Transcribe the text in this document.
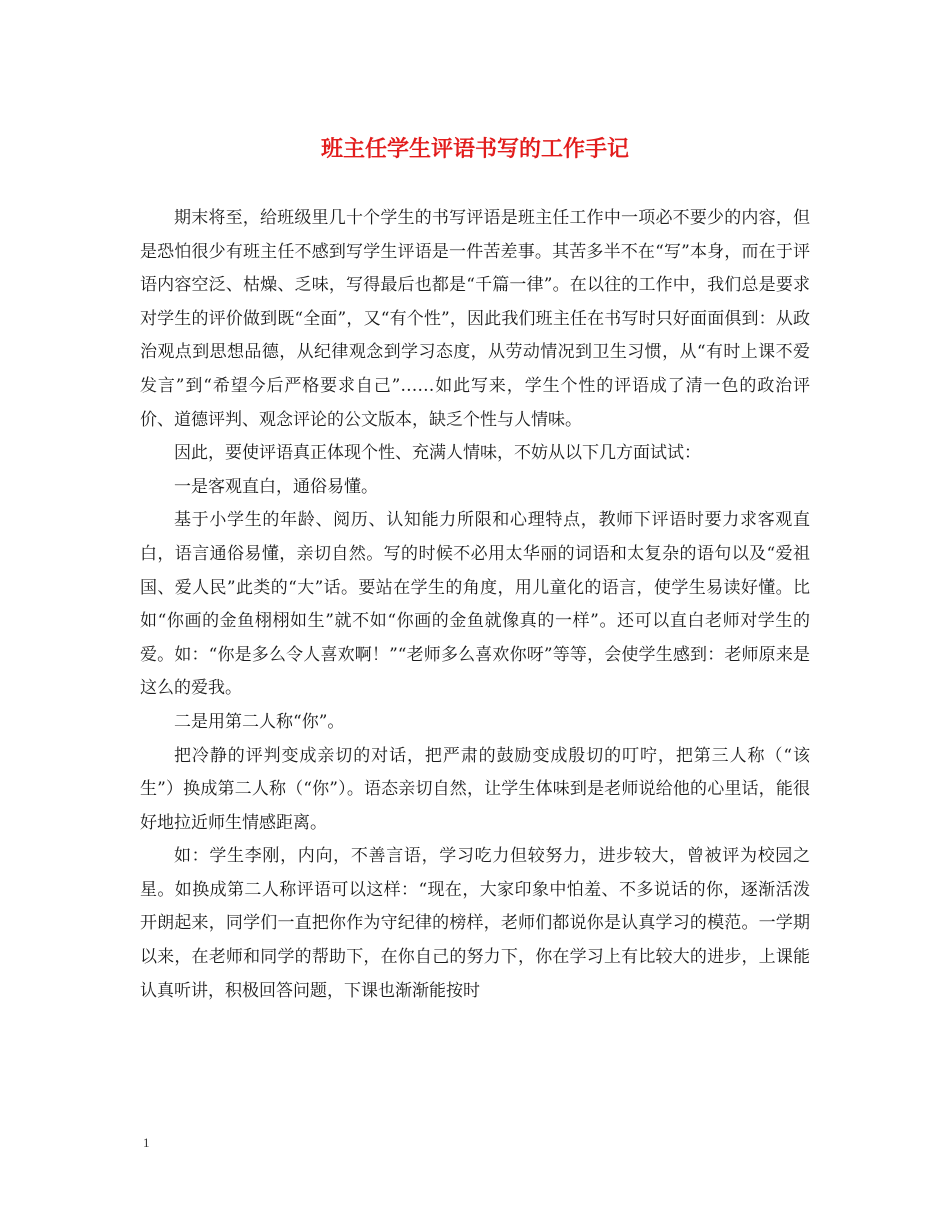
班主任学生评语书写的工作手记

期末将至，给班级里几十个学生的书写评语是班主任工作中一项必不要少的内容，但是恐怕很少有班主任不感到写学生评语是一件苦差事。其苦多半不在“写”本身，而在于评语内容空泛、枯燥、乏味，写得最后也都是“千篇一律”。在以往的工作中，我们总是要求对学生的评价做到既“全面”，又“有个性”，因此我们班主任在书写时只好面面俱到：从政治观点到思想品德，从纪律观念到学习态度，从劳动情况到卫生习惯，从“有时上课不爱发言”到“希望今后严格要求自己”……如此写来，学生个性的评语成了清一色的政治评价、道德评判、观念评论的公文版本，缺乏个性与人情味。

因此，要使评语真正体现个性、充满人情味，不妨从以下几方面试试：

一是客观直白，通俗易懂。

基于小学生的年龄、阅历、认知能力所限和心理特点，教师下评语时要力求客观直白，语言通俗易懂，亲切自然。写的时候不必用太华丽的词语和太复杂的语句以及“爱祖国、爱人民”此类的“大”话。要站在学生的角度，用儿童化的语言，使学生易读好懂。比如“你画的金鱼栩栩如生”就不如“你画的金鱼就像真的一样”。还可以直白老师对学生的爱。如：“你是多么令人喜欢啊！”“老师多么喜欢你呀”等等，会使学生感到：老师原来是这么的爱我。

二是用第二人称“你”。

把冷静的评判变成亲切的对话，把严肃的鼓励变成殷切的叮咛，把第三人称（“该生”）换成第二人称（“你”）。语态亲切自然，让学生体味到是老师说给他的心里话，能很好地拉近师生情感距离。

如：学生李刚，内向，不善言语，学习吃力但较努力，进步较大，曾被评为校园之星。如换成第二人称评语可以这样：“现在，大家印象中怕羞、不多说话的你，逐渐活泼开朗起来，同学们一直把你作为守纪律的榜样，老师们都说你是认真学习的模范。一学期以来，在老师和同学的帮助下，在你自己的努力下，你在学习上有比较大的进步，上课能认真听讲，积极回答问题，下课也渐渐能按时

1
